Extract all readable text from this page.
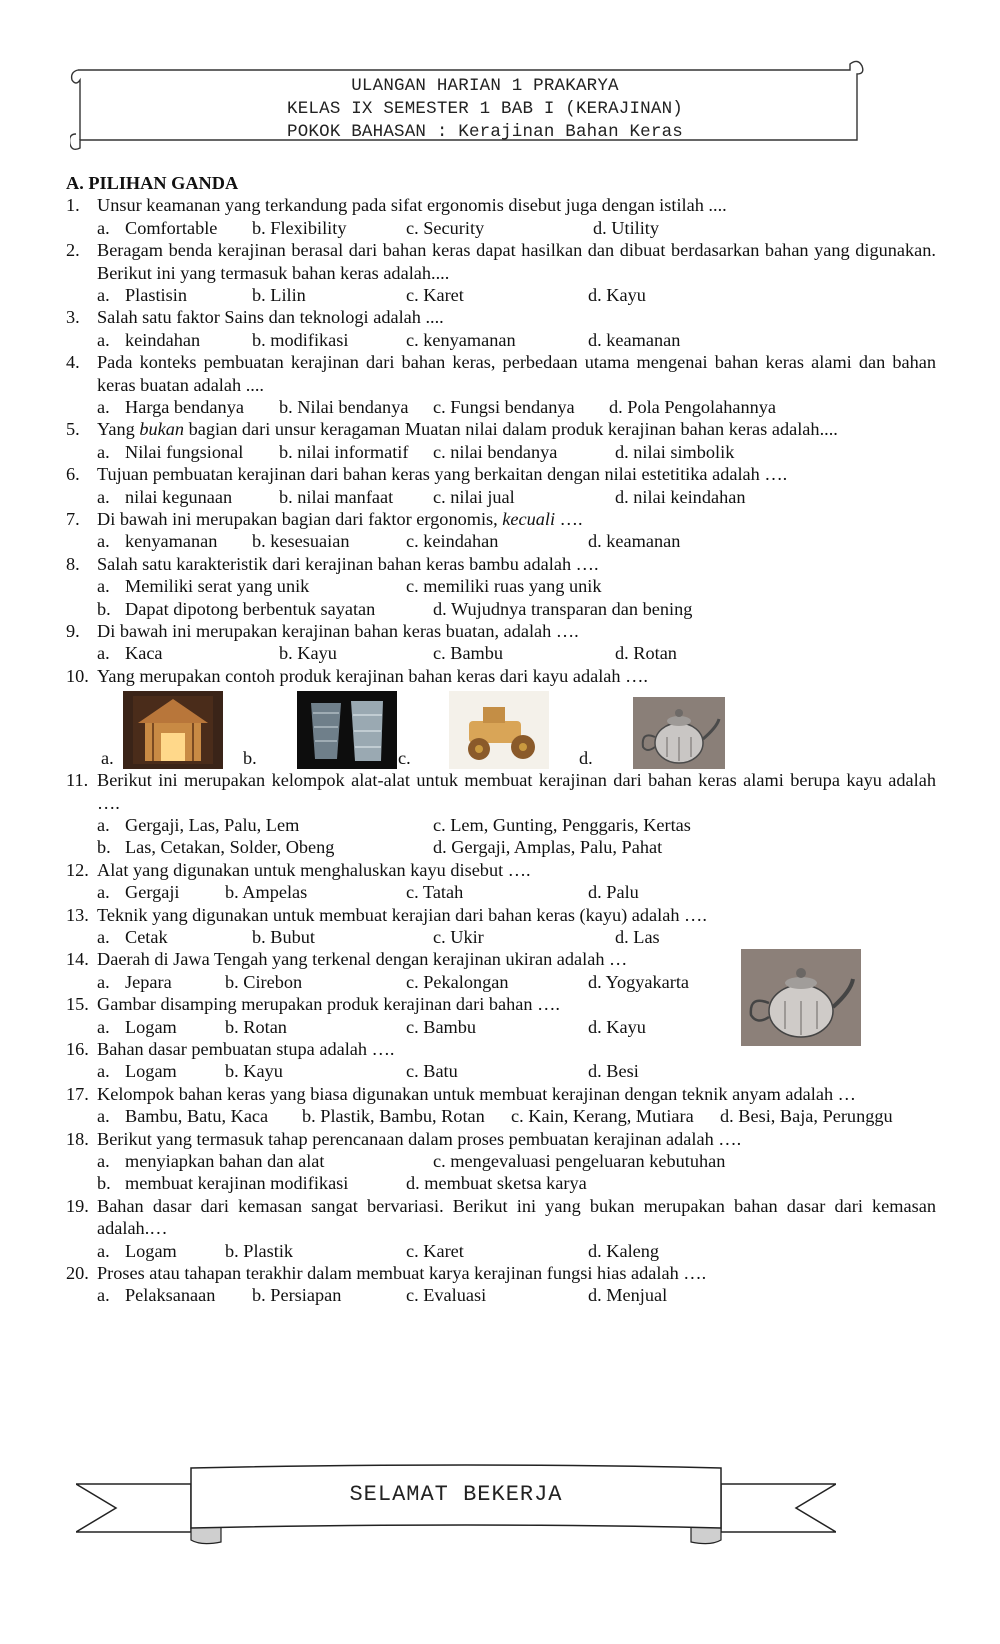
ULANGAN HARIAN 1 PRAKARYA
KELAS IX SEMESTER 1 BAB I (KERAJINAN)
POKOK BAHASAN : Kerajinan Bahan Keras
A. PILIHAN GANDA
1. Unsur keamanan yang terkandung pada sifat ergonomis disebut juga dengan istilah ....
a. Comfortable b. Flexibility	c. Security	d. Utility
2. Beragam benda kerajinan berasal dari bahan keras dapat hasilkan dan dibuat berdasarkan bahan yang digunakan. Berikut ini yang termasuk bahan keras adalah....
a. Plastisin	b. Lilin	c. Karet	d. Kayu
3. Salah satu faktor Sains dan teknologi adalah ....
a. keindahan	b. modifikasi	c. kenyamanan	d. keamanan
4. Pada konteks pembuatan kerajinan dari bahan keras, perbedaan utama mengenai bahan keras alami dan bahan keras buatan adalah ....
a. Harga bendanya b. Nilai bendanya c. Fungsi bendanya d. Pola Pengolahannya
5. Yang bukan bagian dari unsur keragaman Muatan nilai dalam produk kerajinan bahan keras adalah....
a. Nilai fungsional b. nilai informatif c. nilai bendanya	d. nilai simbolik
6. Tujuan pembuatan kerajinan dari bahan keras yang berkaitan dengan nilai estetitika adalah ….
a. nilai kegunaan	b. nilai manfaat c. nilai jual	d. nilai keindahan
7. Di bawah ini merupakan bagian dari faktor ergonomis, kecuali ….
a. kenyamanan b. kesesuaian	c. keindahan	d. keamanan
8. Salah satu karakteristik dari kerajinan bahan keras bambu adalah ….
a. Memiliki serat yang unik	c. memiliki ruas yang unik
b. Dapat dipotong berbentuk sayatan	d. Wujudnya transparan dan bening
9. Di bawah ini merupakan kerajinan bahan keras buatan, adalah ….
a. Kaca	b. Kayu	c. Bambu	d. Rotan
10. Yang merupakan contoh produk kerajinan bahan keras dari kayu adalah ….
a.	b.	c.	d.
11. Berikut ini merupakan kelompok alat-alat untuk membuat kerajinan dari bahan keras alami berupa kayu adalah ….
a. Gergaji, Las, Palu, Lem	c. Lem, Gunting, Penggaris, Kertas
b. Las, Cetakan, Solder, Obeng	d. Gergaji, Amplas, Palu, Pahat
12. Alat yang digunakan untuk menghaluskan kayu disebut ….
a. Gergaji b. Ampelas	c. Tatah	d. Palu
13. Teknik yang digunakan untuk membuat kerajian dari bahan keras (kayu) adalah ….
a. Cetak	b. Bubut	c. Ukir	d. Las
14. Daerah di Jawa Tengah yang terkenal dengan kerajinan ukiran adalah …
a. Jepara	b. Cirebon	c. Pekalongan	d. Yogyakarta
15. Gambar disamping merupakan produk kerajinan dari bahan ….
a. Logam	b. Rotan	c. Bambu	d. Kayu
16. Bahan dasar pembuatan stupa adalah ….
a. Logam	b. Kayu	c. Batu	d. Besi
17. Kelompok bahan keras yang biasa digunakan untuk membuat kerajinan dengan teknik anyam adalah …
a. Bambu, Batu, Kaca b. Plastik, Bambu, Rotan c. Kain, Kerang, Mutiara d. Besi, Baja, Perunggu
18. Berikut yang termasuk tahap perencanaan dalam proses pembuatan kerajinan adalah ….
a. menyiapkan bahan dan alat	c. mengevaluasi pengeluaran kebutuhan
b. membuat kerajinan modifikasi	d. membuat sketsa karya
19. Bahan dasar dari kemasan sangat bervariasi. Berikut ini yang bukan merupakan bahan dasar dari kemasan adalah.…
a. Logam	b. Plastik	c. Karet	d. Kaleng
20. Proses atau tahapan terakhir dalam membuat karya kerajinan fungsi hias adalah ….
a. Pelaksanaan b. Persiapan	c. Evaluasi	d. Menjual
SELAMAT BEKERJA
